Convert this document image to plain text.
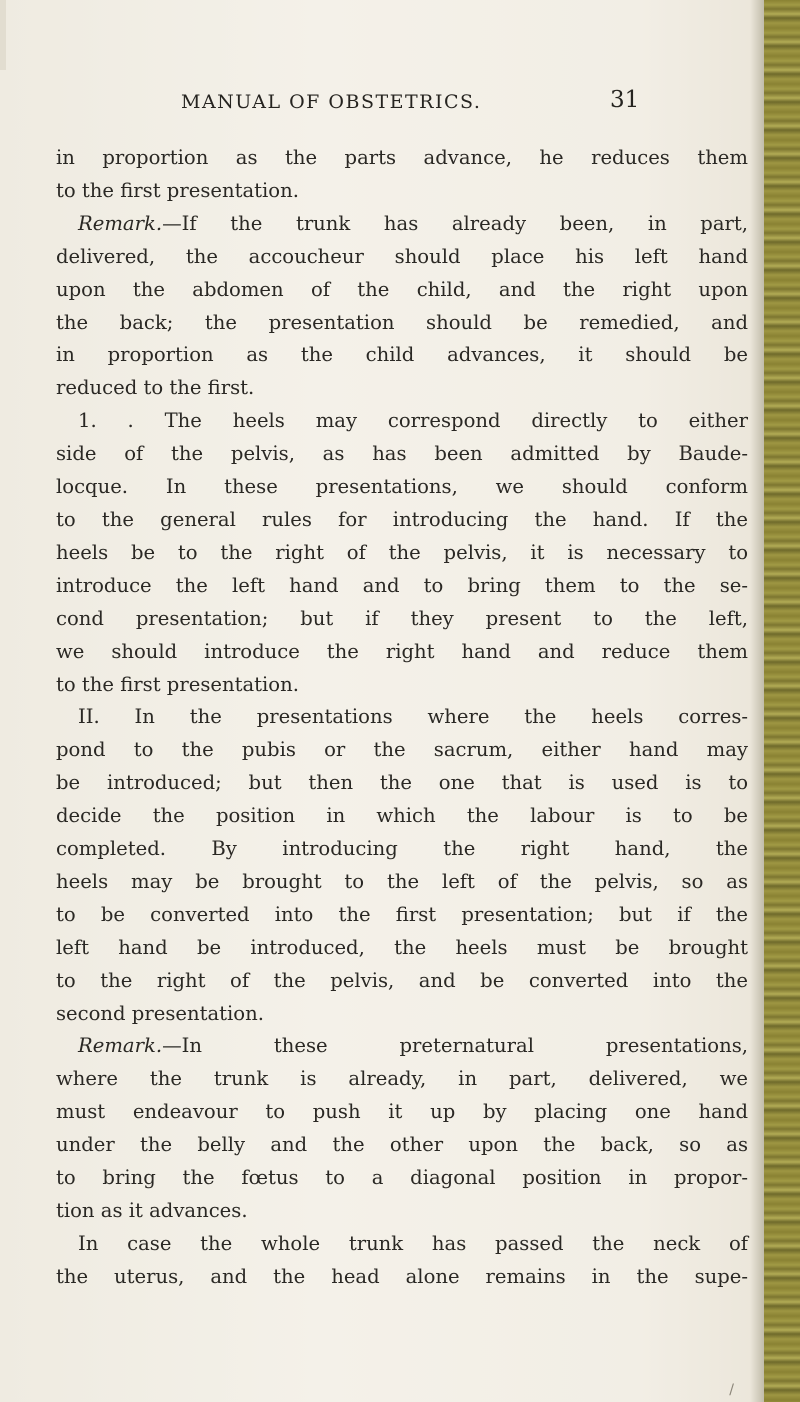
MANUAL OF OBSTETRICS.	31
in proportion as the parts advance, he reduces them
to the first presentation.
Remark.—If the trunk has already been, in part,
delivered, the accoucheur should place his left hand
upon the abdomen of the child, and the right upon
the back; the presentation should be remedied, and
in proportion as the child advances, it should be
reduced to the first.
1. . The heels may correspond directly to either
side of the pelvis, as has been admitted by Baude-
locque. In these presentations, we should conform
to the general rules for introducing the hand. If the
heels be to the right of the pelvis, it is necessary to
introduce the left hand and to bring them to the se-
cond presentation; but if they present to the left,
we should introduce the right hand and reduce them
to the first presentation.
II. In the presentations where the heels corres-
pond to the pubis or the sacrum, either hand may
be introduced; but then the one that is used is to
decide the position in which the labour is to be
completed. By introducing the right hand, the
heels may be brought to the left of the pelvis, so as
to be converted into the first presentation; but if the
left hand be introduced, the heels must be brought
to the right of the pelvis, and be converted into the
second presentation.
Remark.—In these preternatural presentations,
where the trunk is already, in part, delivered, we
must endeavour to push it up by placing one hand
under the belly and the other upon the back, so as
to bring the fœtus to a diagonal position in propor-
tion as it advances.
In case the whole trunk has passed the neck of
the uterus, and the head alone remains in the supe-
/
